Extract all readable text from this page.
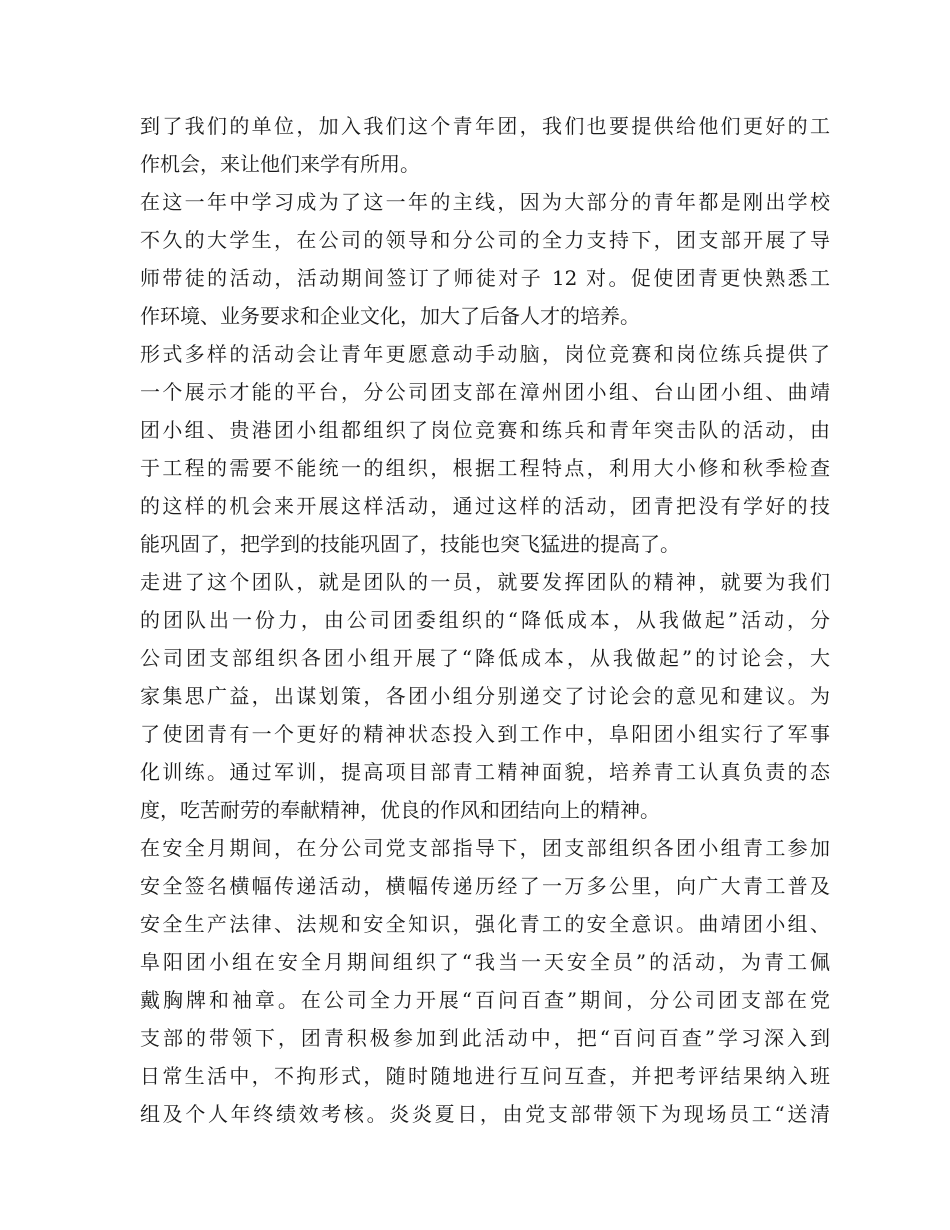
到了我们的单位，加入我们这个青年团，我们也要提供给他们更好的工
作机会，来让他们来学有所用。
在这一年中学习成为了这一年的主线，因为大部分的青年都是刚出学校
不久的大学生，在公司的领导和分公司的全力支持下，团支部开展了导
师带徒的活动，活动期间签订了师徒对子 12 对。促使团青更快熟悉工
作环境、业务要求和企业文化，加大了后备人才的培养。
形式多样的活动会让青年更愿意动手动脑，岗位竞赛和岗位练兵提供了
一个展示才能的平台，分公司团支部在漳州团小组、台山团小组、曲靖
团小组、贵港团小组都组织了岗位竞赛和练兵和青年突击队的活动，由
于工程的需要不能统一的组织，根据工程特点，利用大小修和秋季检查
的这样的机会来开展这样活动，通过这样的活动，团青把没有学好的技
能巩固了，把学到的技能巩固了，技能也突飞猛进的提高了。
走进了这个团队，就是团队的一员，就要发挥团队的精神，就要为我们
的团队出一份力，由公司团委组织的“降低成本，从我做起”活动，分
公司团支部组织各团小组开展了“降低成本，从我做起”的讨论会，大
家集思广益，出谋划策，各团小组分别递交了讨论会的意见和建议。为
了使团青有一个更好的精神状态投入到工作中，阜阳团小组实行了军事
化训练。通过军训，提高项目部青工精神面貌，培养青工认真负责的态
度，吃苦耐劳的奉献精神，优良的作风和团结向上的精神。
在安全月期间，在分公司党支部指导下，团支部组织各团小组青工参加
安全签名横幅传递活动，横幅传递历经了一万多公里，向广大青工普及
安全生产法律、法规和安全知识，强化青工的安全意识。曲靖团小组、
阜阳团小组在安全月期间组织了“我当一天安全员”的活动，为青工佩
戴胸牌和袖章。在公司全力开展“百问百查”期间，分公司团支部在党
支部的带领下，团青积极参加到此活动中，把“百问百查”学习深入到
日常生活中，不拘形式，随时随地进行互问互查，并把考评结果纳入班
组及个人年终绩效考核。炎炎夏日，由党支部带领下为现场员工“送清
